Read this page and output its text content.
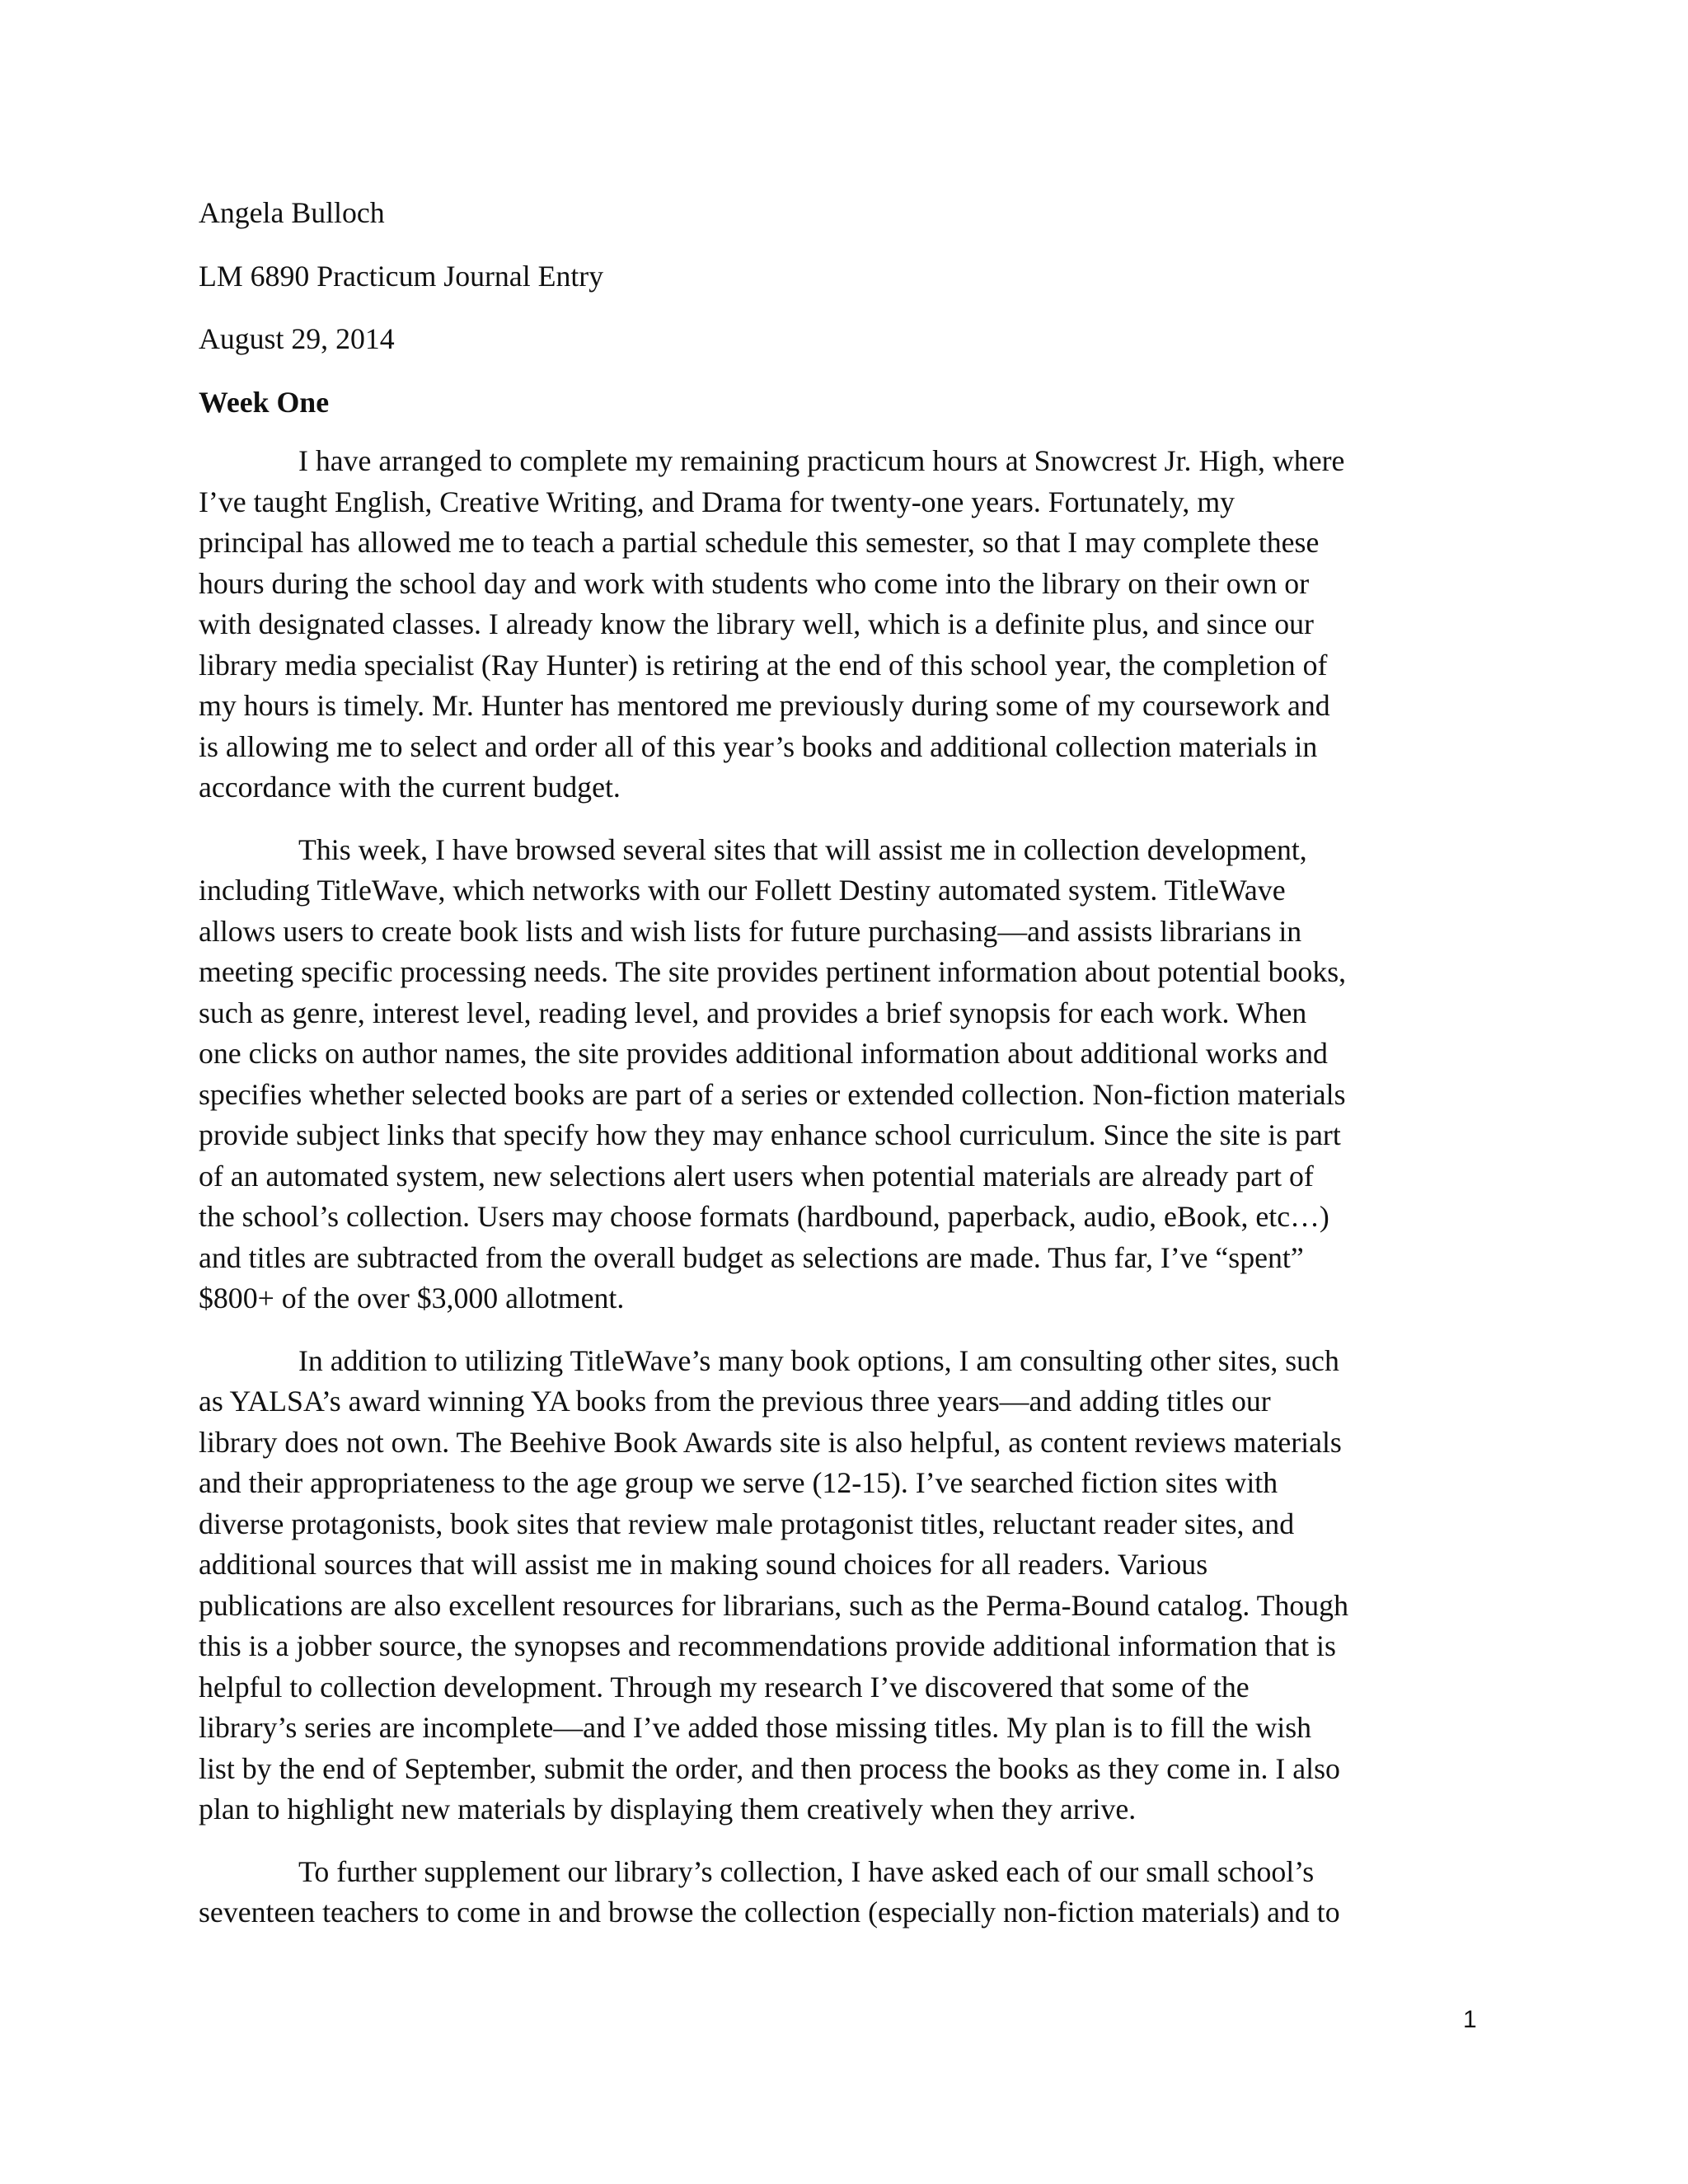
Angela Bulloch
LM 6890 Practicum Journal Entry
August 29, 2014
Week One
I have arranged to complete my remaining practicum hours at Snowcrest Jr. High, where
I’ve taught English, Creative Writing, and Drama for twenty-one years. Fortunately, my
principal has allowed me to teach a partial schedule this semester, so that I may complete these
hours during the school day and work with students who come into the library on their own or
with designated classes. I already know the library well, which is a definite plus, and since our
library media specialist (Ray Hunter) is retiring at the end of this school year, the completion of
my hours is timely. Mr. Hunter has mentored me previously during some of my coursework and
is allowing me to select and order all of this year’s books and additional collection materials in
accordance with the current budget.
This week, I have browsed several sites that will assist me in collection development,
including TitleWave, which networks with our Follett Destiny automated system. TitleWave
allows users to create book lists and wish lists for future purchasing—and assists librarians in
meeting specific processing needs. The site provides pertinent information about potential books,
such as genre, interest level, reading level, and provides a brief synopsis for each work. When
one clicks on author names, the site provides additional information about additional works and
specifies whether selected books are part of a series or extended collection. Non-fiction materials
provide subject links that specify how they may enhance school curriculum. Since the site is part
of an automated system, new selections alert users when potential materials are already part of
the school’s collection. Users may choose formats (hardbound, paperback, audio, eBook, etc…)
and titles are subtracted from the overall budget as selections are made. Thus far, I’ve “spent”
$800+ of the over $3,000 allotment.
In addition to utilizing TitleWave’s many book options, I am consulting other sites, such
as YALSA’s award winning YA books from the previous three years—and adding titles our
library does not own. The Beehive Book Awards site is also helpful, as content reviews materials
and their appropriateness to the age group we serve (12-15). I’ve searched fiction sites with
diverse protagonists, book sites that review male protagonist titles, reluctant reader sites, and
additional sources that will assist me in making sound choices for all readers. Various
publications are also excellent resources for librarians, such as the Perma-Bound catalog. Though
this is a jobber source, the synopses and recommendations provide additional information that is
helpful to collection development. Through my research I’ve discovered that some of the
library’s series are incomplete—and I’ve added those missing titles. My plan is to fill the wish
list by the end of September, submit the order, and then process the books as they come in. I also
plan to highlight new materials by displaying them creatively when they arrive.
To further supplement our library’s collection, I have asked each of our small school’s
seventeen teachers to come in and browse the collection (especially non-fiction materials) and to
1
